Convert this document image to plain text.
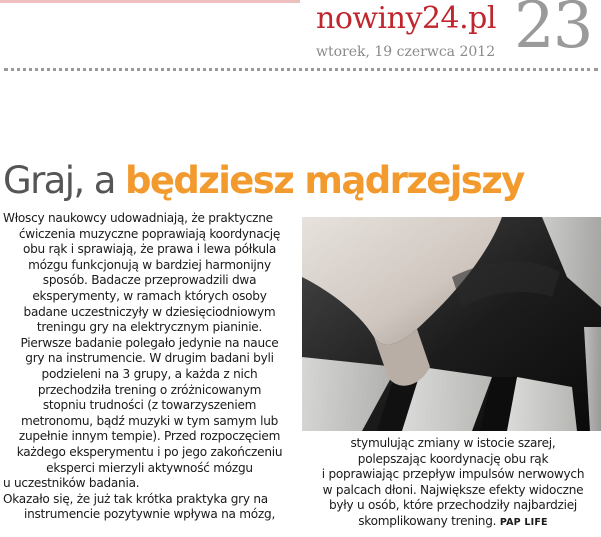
nowiny24.pl
wtorek, 19 czerwca 2012 23
Graj, a będziesz mądrzejszy
Włoscy naukowcy udowadniają, że praktyczne
ćwiczenia muzyczne poprawiają koordynację
obu rąk i sprawiają, że prawa i lewa półkula
mózgu funkcjonują w bardziej harmonijny
sposób. Badacze przeprowadzili dwa
eksperymenty, w ramach których osoby
badane uczestniczyły w dziesięciodniowym
treningu gry na elektrycznym pianinie.
Pierwsze badanie polegało jedynie na nauce
gry na instrumencie. W drugim badani byli
podzieleni na 3 grupy, a każda z nich
przechodziła trening o zróżnicowanym
stopniu trudności (z towarzyszeniem
metronomu, bądź muzyki w tym samym lub
zupełnie innym tempie). Przed rozpoczęciem
każdego eksperymentu i po jego zakończeniu
eksperci mierzyli aktywność mózgu
u uczestników badania.
Okazało się, że już tak krótka praktyka gry na
instrumencie pozytywnie wpływa na mózg,
stymulując zmiany w istocie szarej,
polepszając koordynację obu rąk
i poprawiając przepływ impulsów nerwowych
w palcach dłoni. Największe efekty widoczne
były u osób, które przechodziły najbardziej
skomplikowany trening. PAP LIFE
